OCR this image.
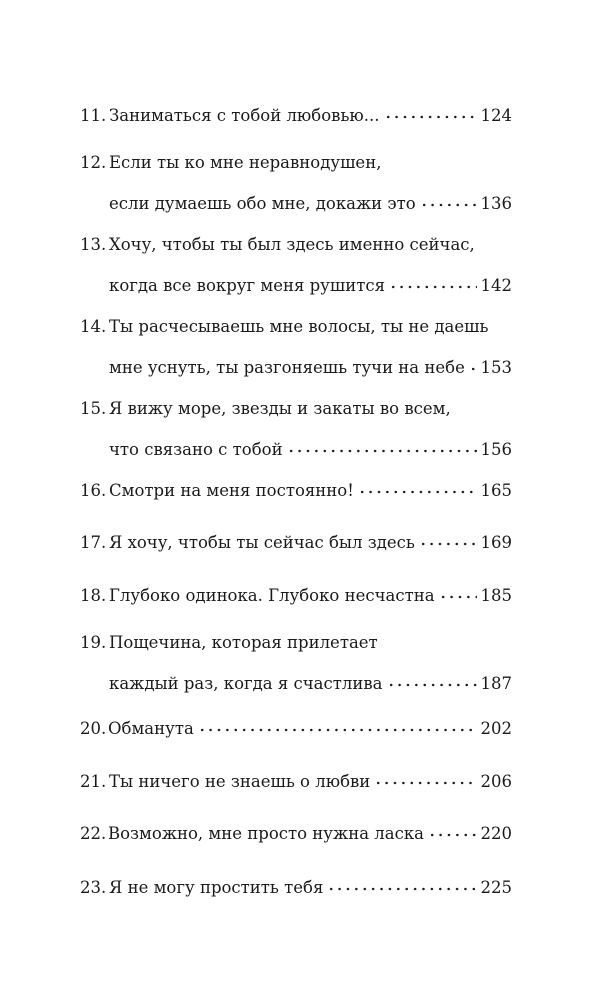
11. Заниматься с тобой любовью...	124
12. Если ты ко мне неравнодушен,
если думаешь обо мне, докажи это	136
13. Хочу, чтобы ты был здесь именно сейчас,
когда все вокруг меня рушится	142
14. Ты расчесываешь мне волосы, ты не даешь
мне уснуть, ты разгоняешь тучи на небе 153
15. Я вижу море, звезды и закаты во всем,
что связано с тобой	156
16. Смотри на меня постоянно!	165
17. Я хочу, чтобы ты сейчас был здесь	169
18. Глубоко одинока. Глубоко несчастна	185
19. Пощечина, которая прилетает
каждый раз, когда я счастлива	187
20. Обманута	202
21. Ты ничего не знаешь о любви	206
22. Возможно, мне просто нужна ласка	220
23. Я не могу простить тебя	225
